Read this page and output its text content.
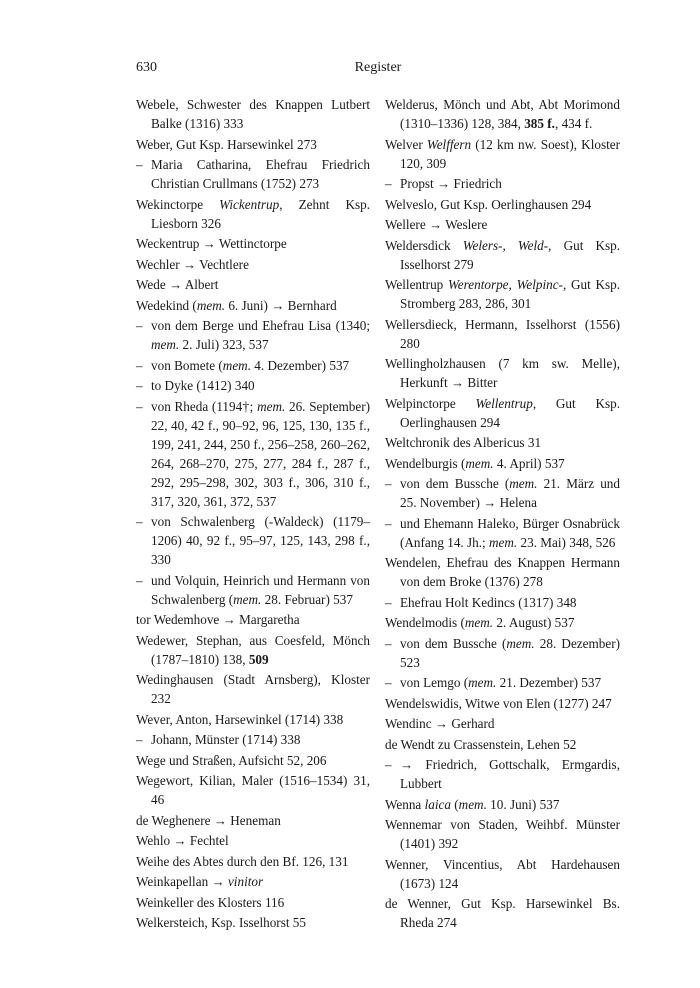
630	Register
Webele, Schwester des Knappen Lutbert Balke (1316) 333
Weber, Gut Ksp. Harsewinkel 273
– Maria Catharina, Ehefrau Friedrich Christian Crullmans (1752) 273
Wekinctorpe Wickentrup, Zehnt Ksp. Liesborn 326
Weckentrup → Wettinctorpe
Wechler → Vechtlere
Wede → Albert
Wedekind (mem. 6. Juni) → Bernhard
– von dem Berge und Ehefrau Lisa (1340; mem. 2. Juli) 323, 537
– von Bomete (mem. 4. Dezember) 537
– to Dyke (1412) 340
– von Rheda (1194†; mem. 26. September) 22, 40, 42 f., 90–92, 96, 125, 130, 135 f., 199, 241, 244, 250 f., 256–258, 260–262, 264, 268–270, 275, 277, 284 f., 287 f., 292, 295–298, 302, 303 f., 306, 310 f., 317, 320, 361, 372, 537
– von Schwalenberg (-Waldeck) (1179–1206) 40, 92 f., 95–97, 125, 143, 298 f., 330
– und Volquin, Heinrich und Hermann von Schwalenberg (mem. 28. Februar) 537
tor Wedemhove → Margaretha
Wedewer, Stephan, aus Coesfeld, Mönch (1787–1810) 138, 509
Wedinghausen (Stadt Arnsberg), Kloster 232
Wever, Anton, Harsewinkel (1714) 338
– Johann, Münster (1714) 338
Wege und Straßen, Aufsicht 52, 206
Wegewort, Kilian, Maler (1516–1534) 31, 46
de Weghenere → Heneman
Wehlo → Fechtel
Weihe des Abtes durch den Bf. 126, 131
Weinkapellan → vinitor
Weinkeller des Klosters 116
Welkersteich, Ksp. Isselhorst 55
Welderus, Mönch und Abt, Abt Morimond (1310–1336) 128, 384, 385 f., 434 f.
Welver Welffern (12 km nw. Soest), Kloster 120, 309
– Propst → Friedrich
Welveslo, Gut Ksp. Oerlinghausen 294
Wellere → Weslere
Weldersdick Welers-, Weld-, Gut Ksp. Isselhorst 279
Wellentrup Werentorpe, Welpinc-, Gut Ksp. Stromberg 283, 286, 301
Wellersdieck, Hermann, Isselhorst (1556) 280
Wellingholzhausen (7 km sw. Melle), Herkunft → Bitter
Welpinctorpe Wellentrup, Gut Ksp. Oerlinghausen 294
Weltchronik des Albericus 31
Wendelburgis (mem. 4. April) 537
– von dem Bussche (mem. 21. März und 25. November) → Helena
– und Ehemann Haleko, Bürger Osnabrück (Anfang 14. Jh.; mem. 23. Mai) 348, 526
Wendelen, Ehefrau des Knappen Hermann von dem Broke (1376) 278
– Ehefrau Holt Kedincs (1317) 348
Wendelmodis (mem. 2. August) 537
– von dem Bussche (mem. 28. Dezember) 523
– von Lemgo (mem. 21. Dezember) 537
Wendelswidis, Witwe von Elen (1277) 247
Wendinc → Gerhard
de Wendt zu Crassenstein, Lehen 52
– → Friedrich, Gottschalk, Ermgardis, Lubbert
Wenna laica (mem. 10. Juni) 537
Wennemar von Staden, Weihbf. Münster (1401) 392
Wenner, Vincentius, Abt Hardehausen (1673) 124
de Wenner, Gut Ksp. Harsewinkel Bs. Rheda 274
